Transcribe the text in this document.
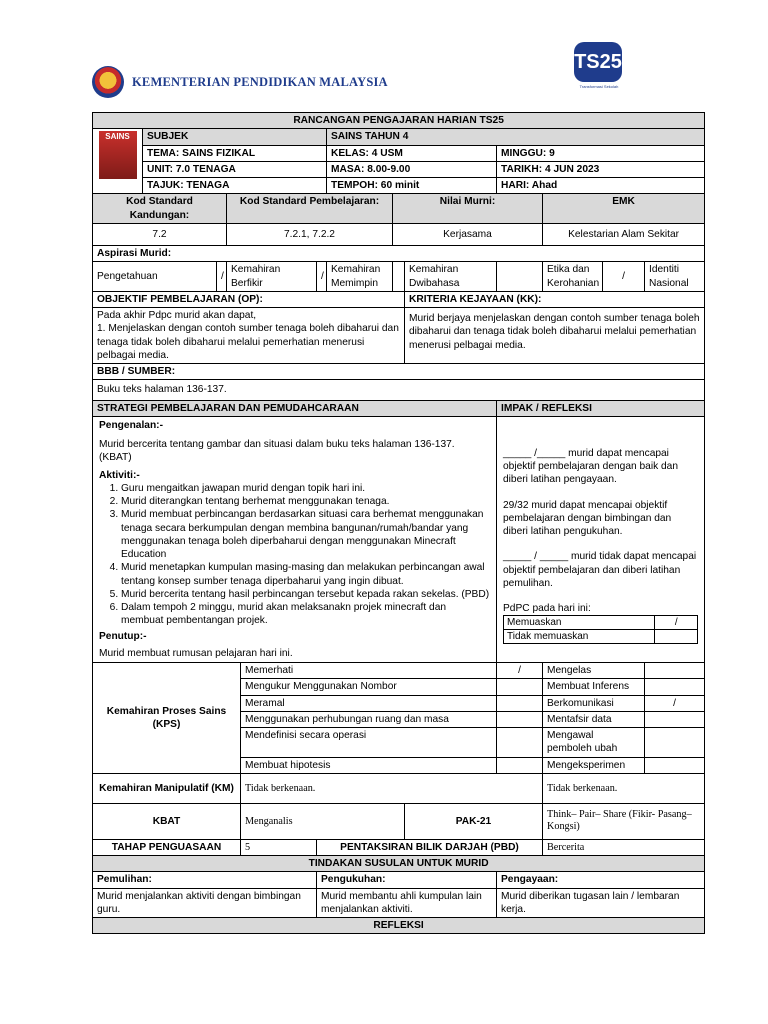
KEMENTERIAN PENDIDIKAN MALAYSIA
TS25
Transformasi Sekolah
RANCANGAN PENGAJARAN HARIAN TS25

SAINS	SUBJEK	SAINS TAHUN 4
TEMA: SAINS FIZIKAL	KELAS: 4 USM	MINGGU: 9
UNIT: 7.0 TENAGA	MASA: 8.00-9.00	TARIKH: 4 JUN 2023
TAJUK: TENAGA	TEMPOH: 60 minit	HARI: Ahad
Kod Standard Kandungan:	Kod Standard Pembelajaran:	Nilai Murni:	EMK
7.2	7.2.1, 7.2.2	Kerjasama	Kelestarian Alam Sekitar
Aspirasi Murid:
Pengetahuan	/	Kemahiran Berfikir	/	Kemahiran Memimpin		Kemahiran Dwibahasa		Etika dan Kerohanian	/	Identiti Nasional
OBJEKTIF PEMBELAJARAN (OP):	KRITERIA KEJAYAAN (KK):

Pada akhir Pdpc murid akan dapat,
1. Menjelaskan dengan contoh sumber tenaga boleh dibaharui dan tenaga tidak boleh dibaharui melalui pemerhatian menerusi pelbagai media.
	Murid berjaya menjelaskan dengan contoh sumber tenaga boleh dibaharui dan tenaga tidak boleh dibaharui melalui pemerhatian menerusi pelbagai media.
BBB / SUMBER:
Buku teks halaman 136-137.
STRATEGI PEMBELAJARAN DAN PEMUDAHCARAAN	IMPAK / REFLEKSI

Pengenalan:-
Murid bercerita tentang gambar dan situasi dalam buku teks halaman 136-137. (KBAT)
Aktiviti:-
1. Guru mengaitkan jawapan murid dengan topik hari ini.
2. Murid diterangkan tentang berhemat menggunakan tenaga.
3. Murid membuat perbincangan berdasarkan situasi cara berhemat menggunakan tenaga secara berkumpulan dengan membina bangunan/rumah/bandar yang menggunakan tenaga boleh diperbaharui dengan menggunakan Minecraft Education
4. Murid menetapkan kumpulan masing-masing dan melakukan perbincangan awal tentang konsep sumber tenaga diperbaharui yang ingin dibuat.
5. Murid bercerita tentang hasil perbincangan tersebut kepada rakan sekelas. (PBD)
6. Dalam tempoh 2 minggu, murid akan melaksanakn projek minecraft dan membuat pembentangan projek.
Penutup:-
Murid membuat rumusan pelajaran hari ini.

_____ /_____ murid dapat mencapai objektif pembelajaran dengan baik dan diberi latihan pengayaan.
29/32 murid dapat mencapai objektif pembelajaran dengan bimbingan dan diberi latihan pengukuhan.
_____ / _____ murid tidak dapat mencapai objektif pembelajaran dan diberi latihan pemulihan.
PdPC pada hari ini:
Memuaskan	/
Tidak memuaskan	

Kemahiran Proses Sains (KPS)	Memerhati	/	Mengelas	
Mengukur Menggunakan Nombor		Membuat Inferens	
Meramal		Berkomunikasi	/
Menggunakan perhubungan ruang dan masa		Mentafsir data	
Mendefinisi secara operasi		Mengawal pemboleh ubah	
Membuat hipotesis		Mengeksperimen	
Kemahiran Manipulatif (KM)	Tidak berkenaan.	Tidak berkenaan.
KBAT	Menganalis	PAK-21	Think– Pair– Share (Fikir- Pasang– Kongsi)
TAHAP PENGUASAAN	5	PENTAKSIRAN BILIK DARJAH (PBD)	Bercerita
TINDAKAN SUSULAN UNTUK MURID
Pemulihan:	Pengukuhan:	Pengayaan:
Murid menjalankan aktiviti dengan bimbingan guru.	Murid membantu ahli kumpulan lain menjalankan aktiviti.	Murid diberikan tugasan lain / lembaran kerja.
REFLEKSI
